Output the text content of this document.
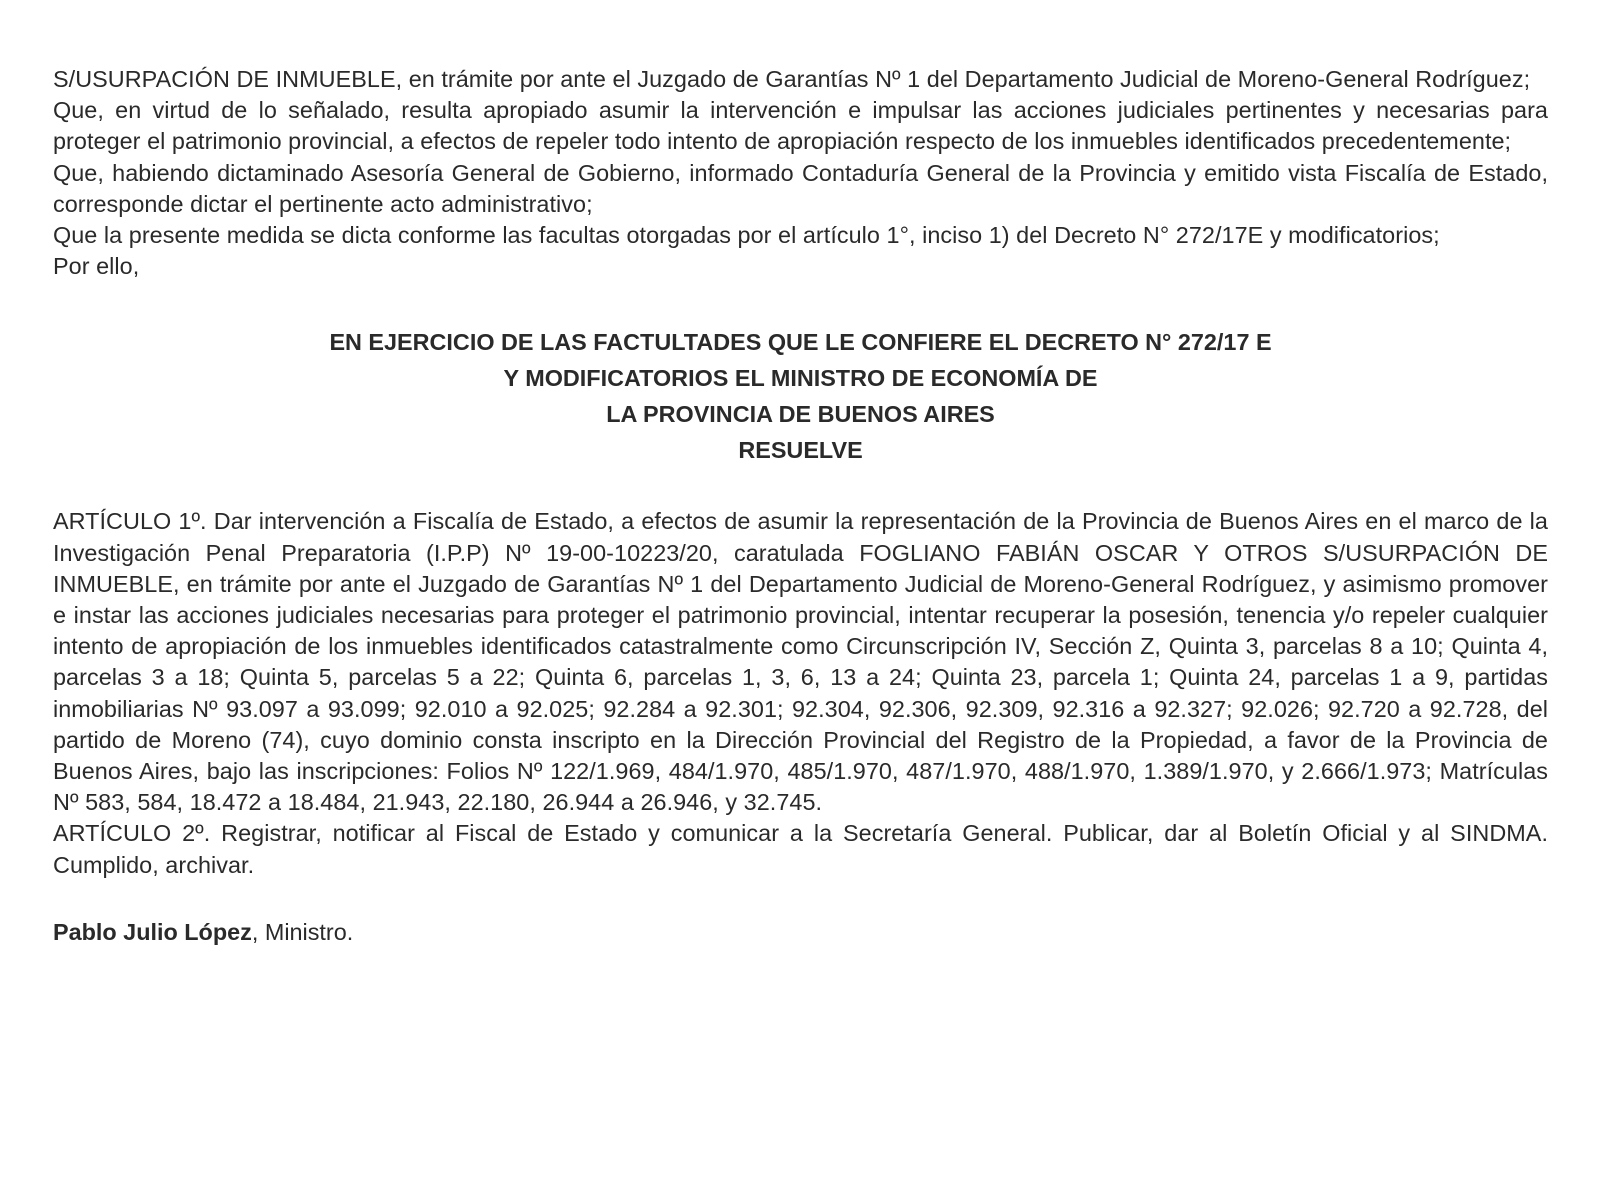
S/USURPACIÓN DE INMUEBLE, en trámite por ante el Juzgado de Garantías Nº 1 del Departamento Judicial de Moreno-General Rodríguez;

Que, en virtud de lo señalado, resulta apropiado asumir la intervención e impulsar las acciones judiciales pertinentes y necesarias para proteger el patrimonio provincial, a efectos de repeler todo intento de apropiación respecto de los inmuebles identificados precedentemente;

Que, habiendo dictaminado Asesoría General de Gobierno, informado Contaduría General de la Provincia y emitido vista Fiscalía de Estado, corresponde dictar el pertinente acto administrativo;

Que la presente medida se dicta conforme las facultas otorgadas por el artículo 1°, inciso 1) del Decreto N° 272/17E y modificatorios;

Por ello,

EN EJERCICIO DE LAS FACTULTADES QUE LE CONFIERE EL DECRETO N° 272/17 E
Y MODIFICATORIOS EL MINISTRO DE ECONOMÍA DE
LA PROVINCIA DE BUENOS AIRES
RESUELVE

ARTÍCULO 1º. Dar intervención a Fiscalía de Estado, a efectos de asumir la representación de la Provincia de Buenos Aires en el marco de la Investigación Penal Preparatoria (I.P.P) Nº 19-00-10223/20, caratulada FOGLIANO FABIÁN OSCAR Y OTROS S/USURPACIÓN DE INMUEBLE, en trámite por ante el Juzgado de Garantías Nº 1 del Departamento Judicial de Moreno-General Rodríguez, y asimismo promover e instar las acciones judiciales necesarias para proteger el patrimonio provincial, intentar recuperar la posesión, tenencia y/o repeler cualquier intento de apropiación de los inmuebles identificados catastralmente como Circunscripción IV, Sección Z, Quinta 3, parcelas 8 a 10; Quinta 4, parcelas 3 a 18; Quinta 5, parcelas 5 a 22; Quinta 6, parcelas 1, 3, 6, 13 a 24; Quinta 23, parcela 1; Quinta 24, parcelas 1 a 9, partidas inmobiliarias Nº 93.097 a 93.099; 92.010 a 92.025; 92.284 a 92.301; 92.304, 92.306, 92.309, 92.316 a 92.327; 92.026; 92.720 a 92.728, del partido de Moreno (74), cuyo dominio consta inscripto en la Dirección Provincial del Registro de la Propiedad, a favor de la Provincia de Buenos Aires, bajo las inscripciones: Folios Nº 122/1.969, 484/1.970, 485/1.970, 487/1.970, 488/1.970, 1.389/1.970, y 2.666/1.973; Matrículas Nº 583, 584, 18.472 a 18.484, 21.943, 22.180, 26.944 a 26.946, y 32.745.

ARTÍCULO 2º. Registrar, notificar al Fiscal de Estado y comunicar a la Secretaría General. Publicar, dar al Boletín Oficial y al SINDMA. Cumplido, archivar.

Pablo Julio López, Ministro.
